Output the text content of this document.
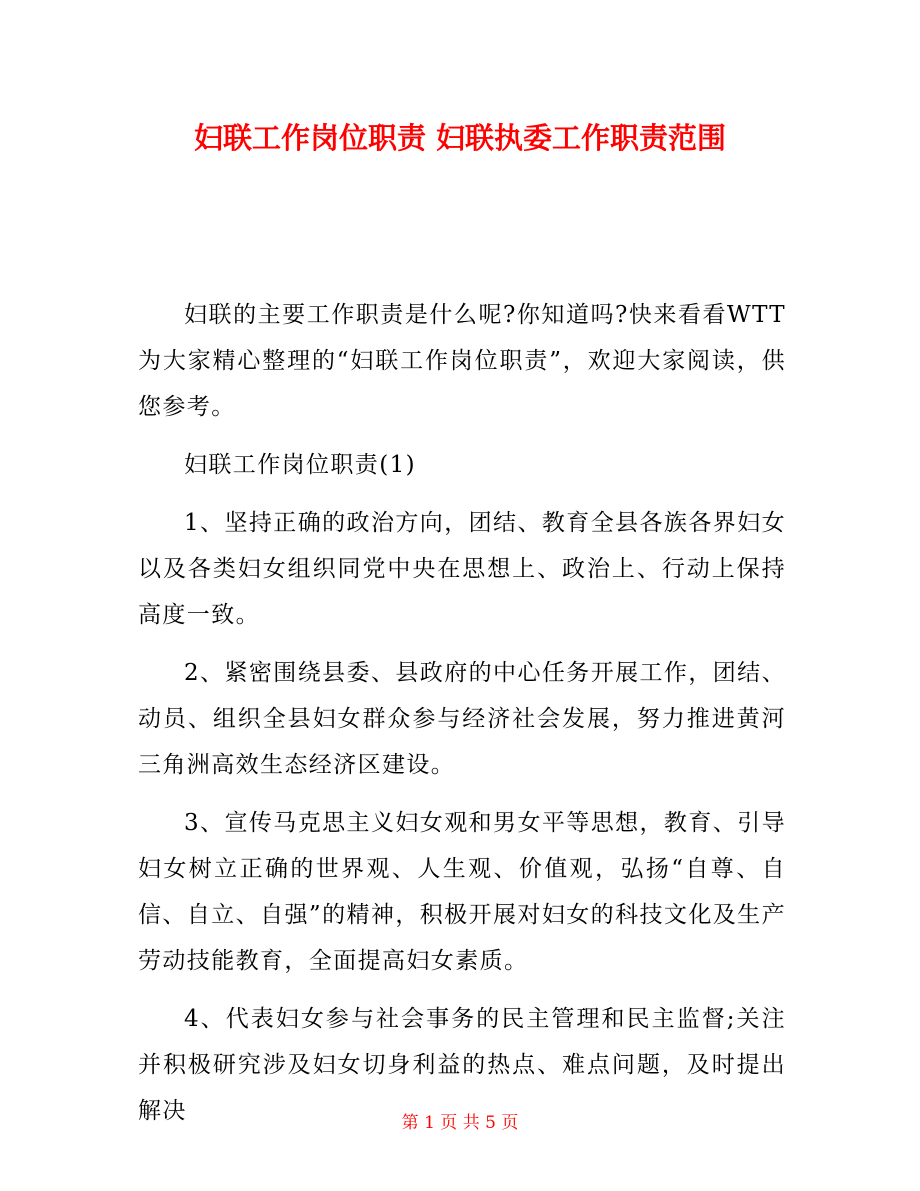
妇联工作岗位职责 妇联执委工作职责范围

妇联的主要工作职责是什么呢?你知道吗?快来看看WTT为大家精心整理的“妇联工作岗位职责”，欢迎大家阅读，供您参考。

妇联工作岗位职责(1)

1、坚持正确的政治方向，团结、教育全县各族各界妇女以及各类妇女组织同党中央在思想上、政治上、行动上保持高度一致。

2、紧密围绕县委、县政府的中心任务开展工作，团结、动员、组织全县妇女群众参与经济社会发展，努力推进黄河三角洲高效生态经济区建设。

3、宣传马克思主义妇女观和男女平等思想，教育、引导妇女树立正确的世界观、人生观、价值观，弘扬“自尊、自信、自立、自强”的精神，积极开展对妇女的科技文化及生产劳动技能教育，全面提高妇女素质。

4、代表妇女参与社会事务的民主管理和民主监督;关注并积极研究涉及妇女切身利益的热点、难点问题，及时提出解决	第 1 页 共 5 页
